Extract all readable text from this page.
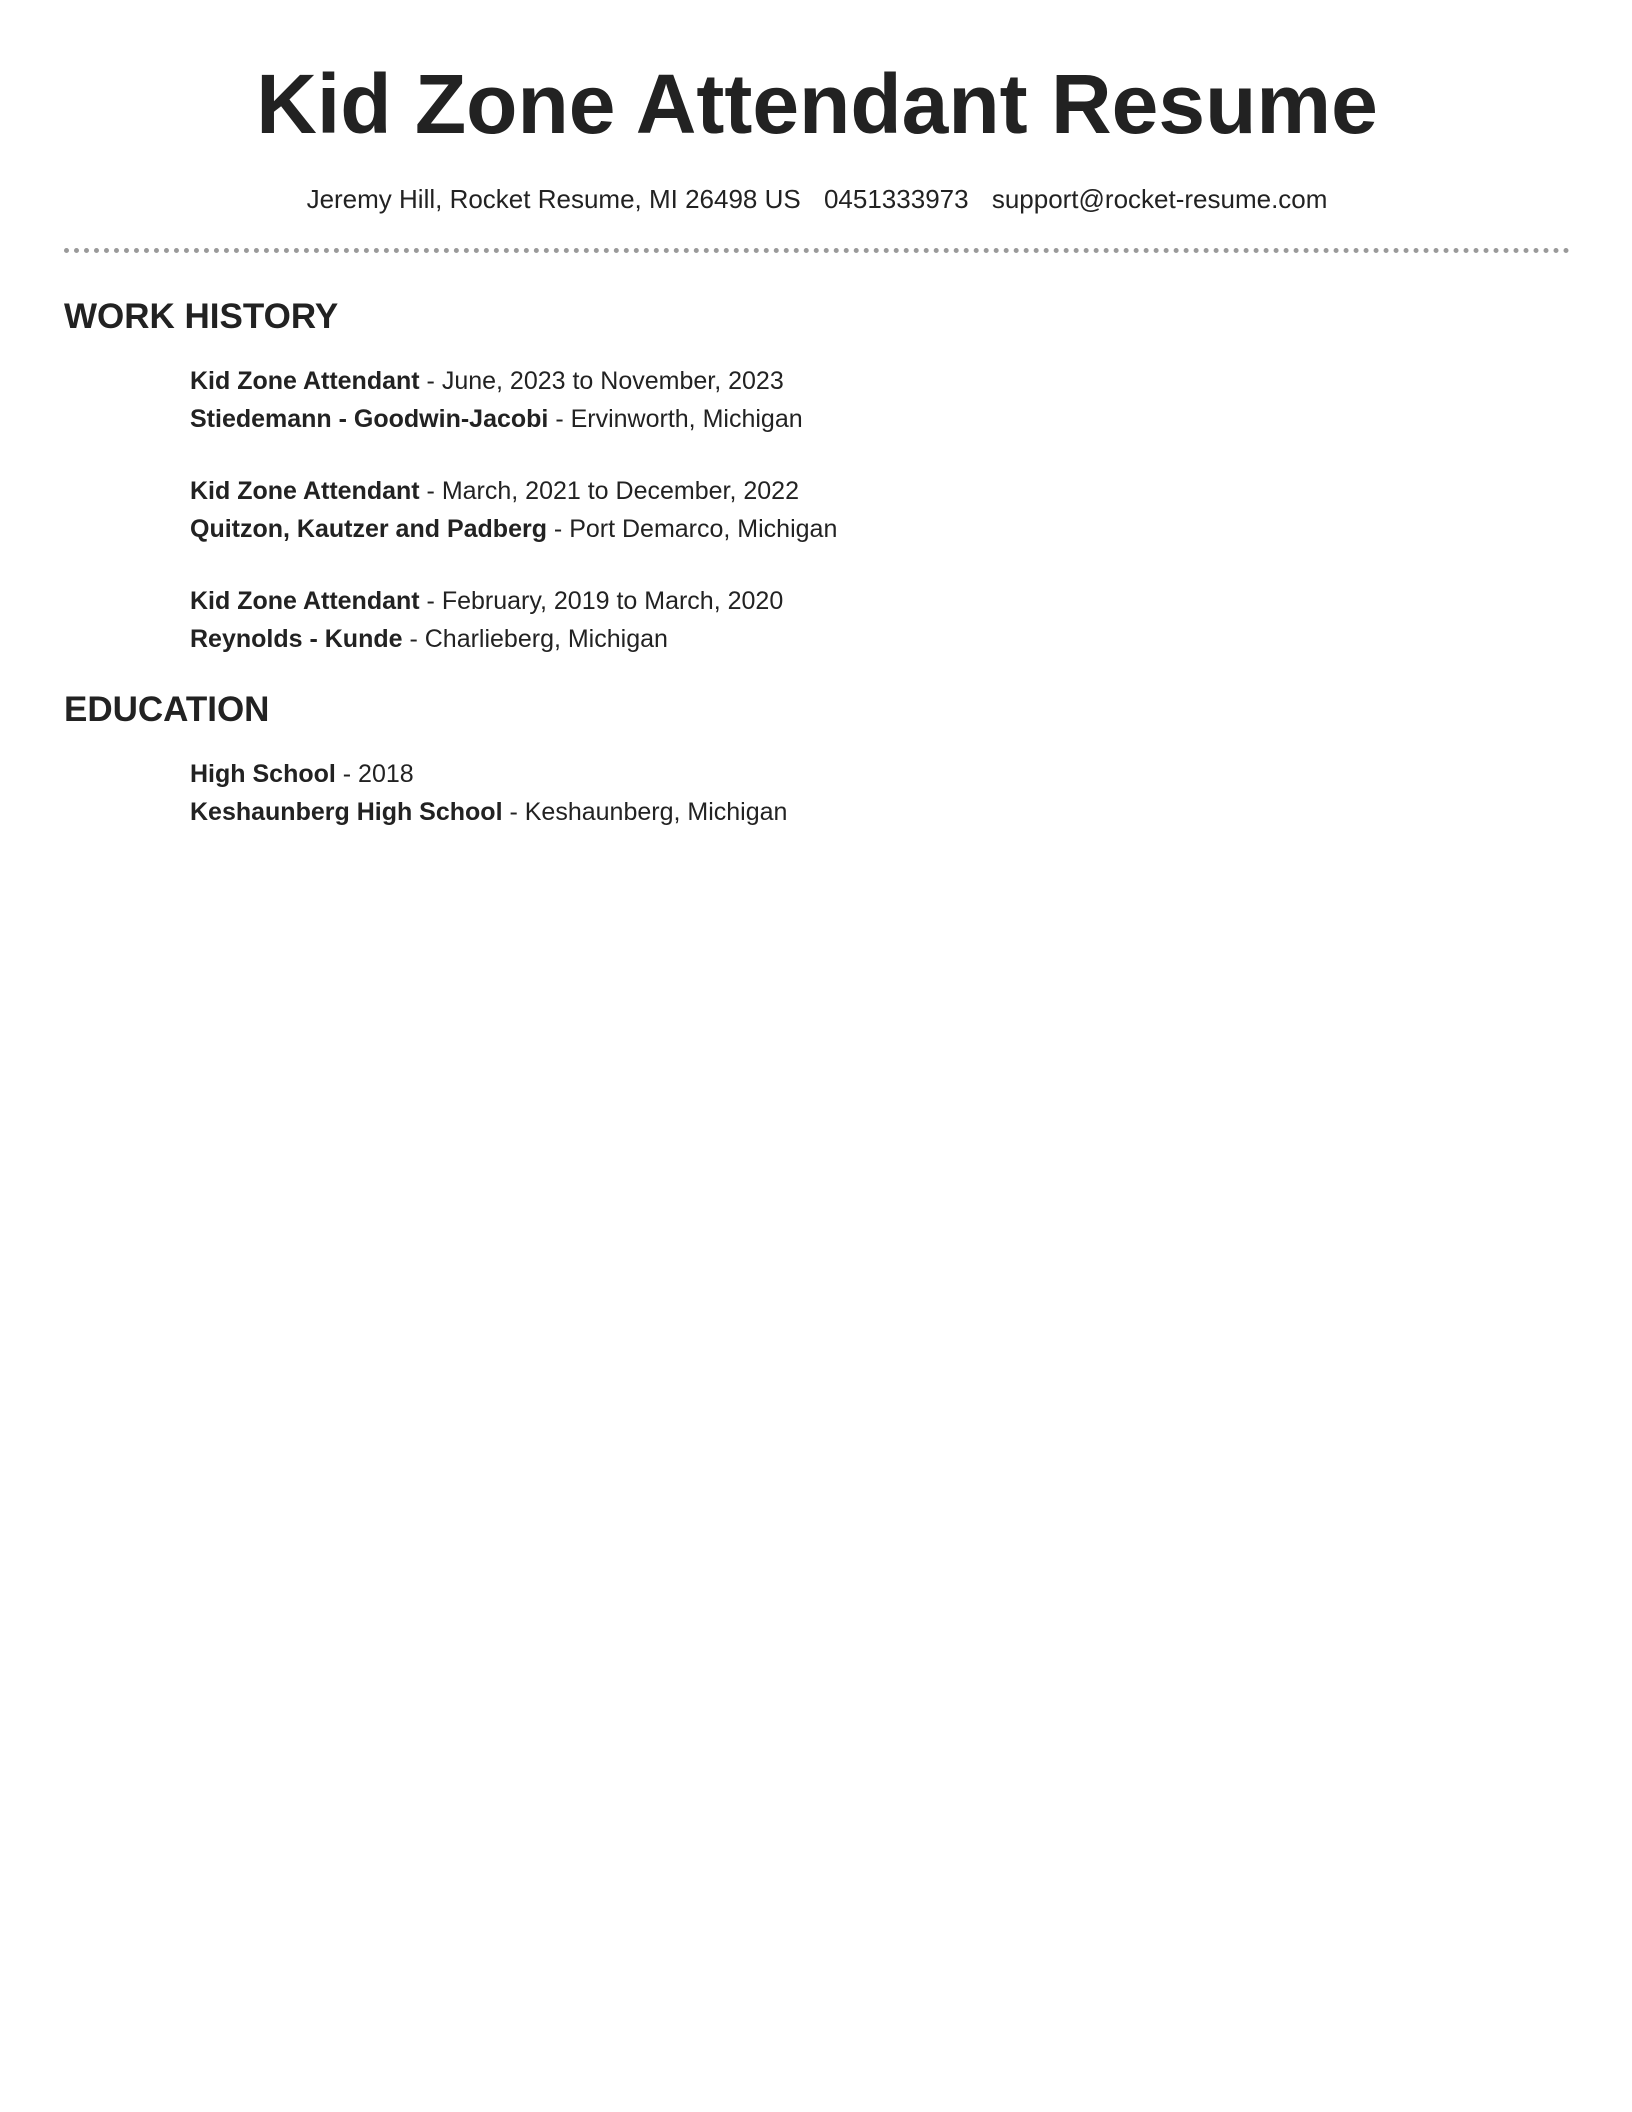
Kid Zone Attendant Resume
Jeremy Hill, Rocket Resume, MI 26498 US 0451333973 support@rocket-resume.com
WORK HISTORY
Kid Zone Attendant - June, 2023 to November, 2023
Stiedemann - Goodwin-Jacobi - Ervinworth, Michigan
Kid Zone Attendant - March, 2021 to December, 2022
Quitzon, Kautzer and Padberg - Port Demarco, Michigan
Kid Zone Attendant - February, 2019 to March, 2020
Reynolds - Kunde - Charlieberg, Michigan
EDUCATION
High School - 2018
Keshaunberg High School - Keshaunberg, Michigan
